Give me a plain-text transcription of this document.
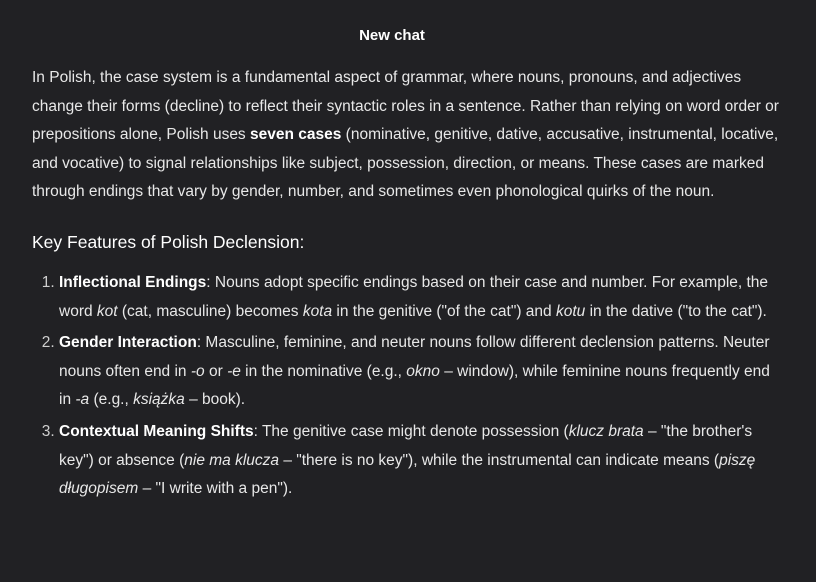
New chat

In Polish, the case system is a fundamental aspect of grammar, where nouns, pronouns, and adjectives change their forms (decline) to reflect their syntactic roles in a sentence. Rather than relying on word order or prepositions alone, Polish uses seven cases (nominative, genitive, dative, accusative, instrumental, locative, and vocative) to signal relationships like subject, possession, direction, or means. These cases are marked through endings that vary by gender, number, and sometimes even phonological quirks of the noun.

Key Features of Polish Declension:
1. Inflectional Endings: Nouns adopt specific endings based on their case and number. For example, the word kot (cat, masculine) becomes kota in the genitive ("of the cat") and kotu in the dative ("to the cat").
2. Gender Interaction: Masculine, feminine, and neuter nouns follow different declension patterns. Neuter nouns often end in -o or -e in the nominative (e.g., okno – window), while feminine nouns frequently end in -a (e.g., książka – book).
3. Contextual Meaning Shifts: The genitive case might denote possession (klucz brata – "the brother's key") or absence (nie ma klucza – "there is no key"), while the instrumental can indicate means (piszę długopisem – "I write with a pen").
